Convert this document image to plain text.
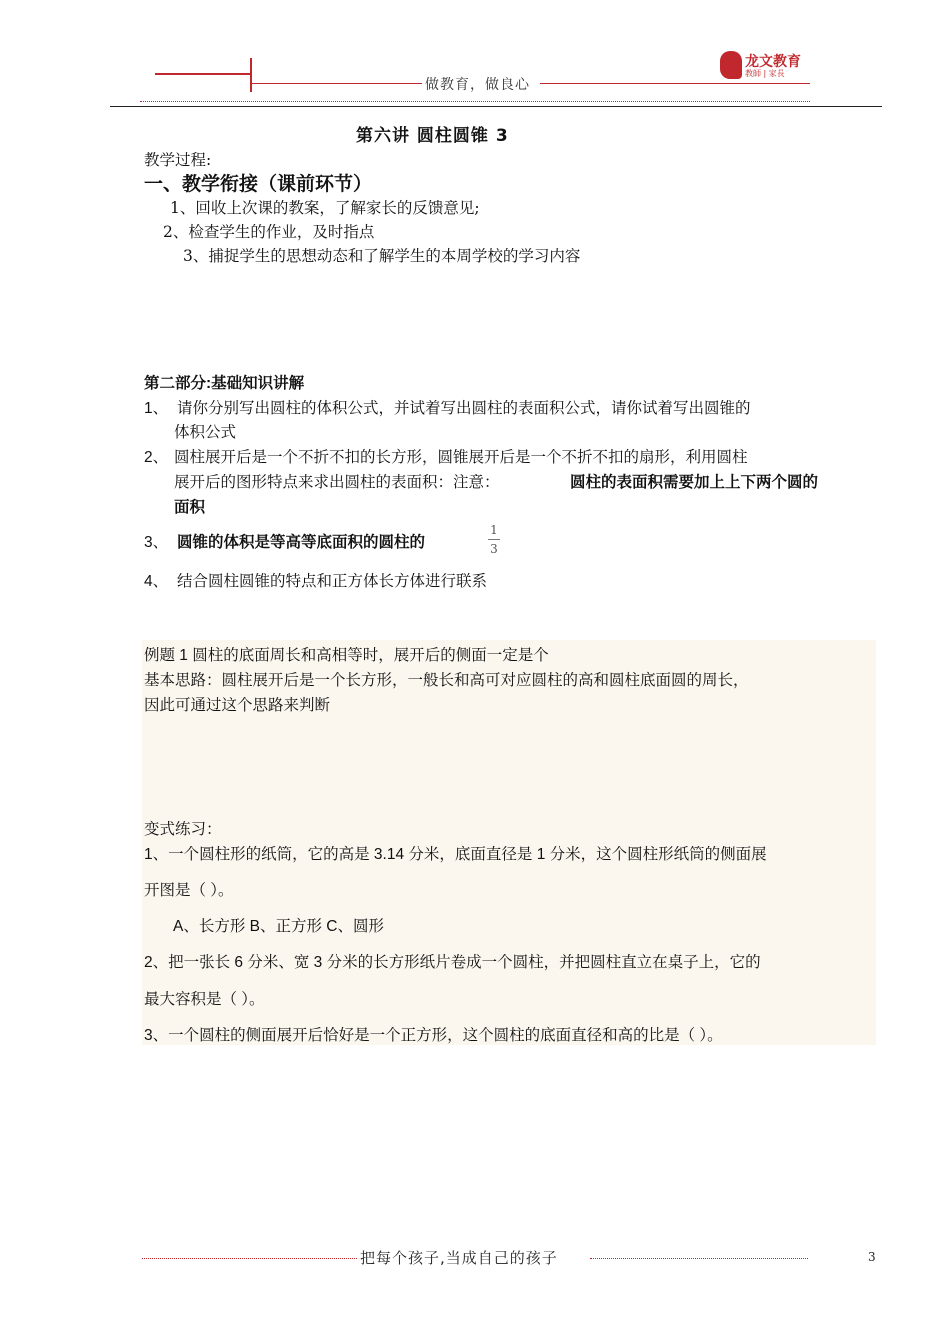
做教育，做良心
龙文教育
教師 | 家長
第六讲 圆柱圆锥 3
教学过程:
一、教学衔接（课前环节）
1、回收上次课的教案，了解家长的反馈意见;
2、检查学生的作业，及时指点
3、捕捉学生的思想动态和了解学生的本周学校的学习内容
第二部分:基础知识讲解
1、 请你分别写出圆柱的体积公式，并试着写出圆柱的表面积公式，请你试着写出圆锥的
体积公式
2、 圆柱展开后是一个不折不扣的长方形，圆锥展开后是一个不折不扣的扇形，利用圆柱
展开后的图形特点来求出圆柱的表面积：注意：	圆柱的表面积需要加上上下两个圆的
面积
3、 圆锥的体积是等高等底面积的圆柱的
1
3
4、 结合圆柱圆锥的特点和正方体长方体进行联系
例题 1 圆柱的底面周长和高相等时，展开后的侧面一定是个
基本思路：圆柱展开后是一个长方形，一般长和高可对应圆柱的高和圆柱底面圆的周长，
因此可通过这个思路来判断
变式练习：
1、一个圆柱形的纸筒，它的高是 3.14 分米，底面直径是 1 分米，这个圆柱形纸筒的侧面展
开图是（ ）。
A、长方形 B、正方形 C、圆形
2、把一张长 6 分米、宽 3 分米的长方形纸片卷成一个圆柱，并把圆柱直立在桌子上，它的
最大容积是（ ）。
3、一个圆柱的侧面展开后恰好是一个正方形，这个圆柱的底面直径和高的比是（ ）。
把每个孩子,当成自己的孩子	3
